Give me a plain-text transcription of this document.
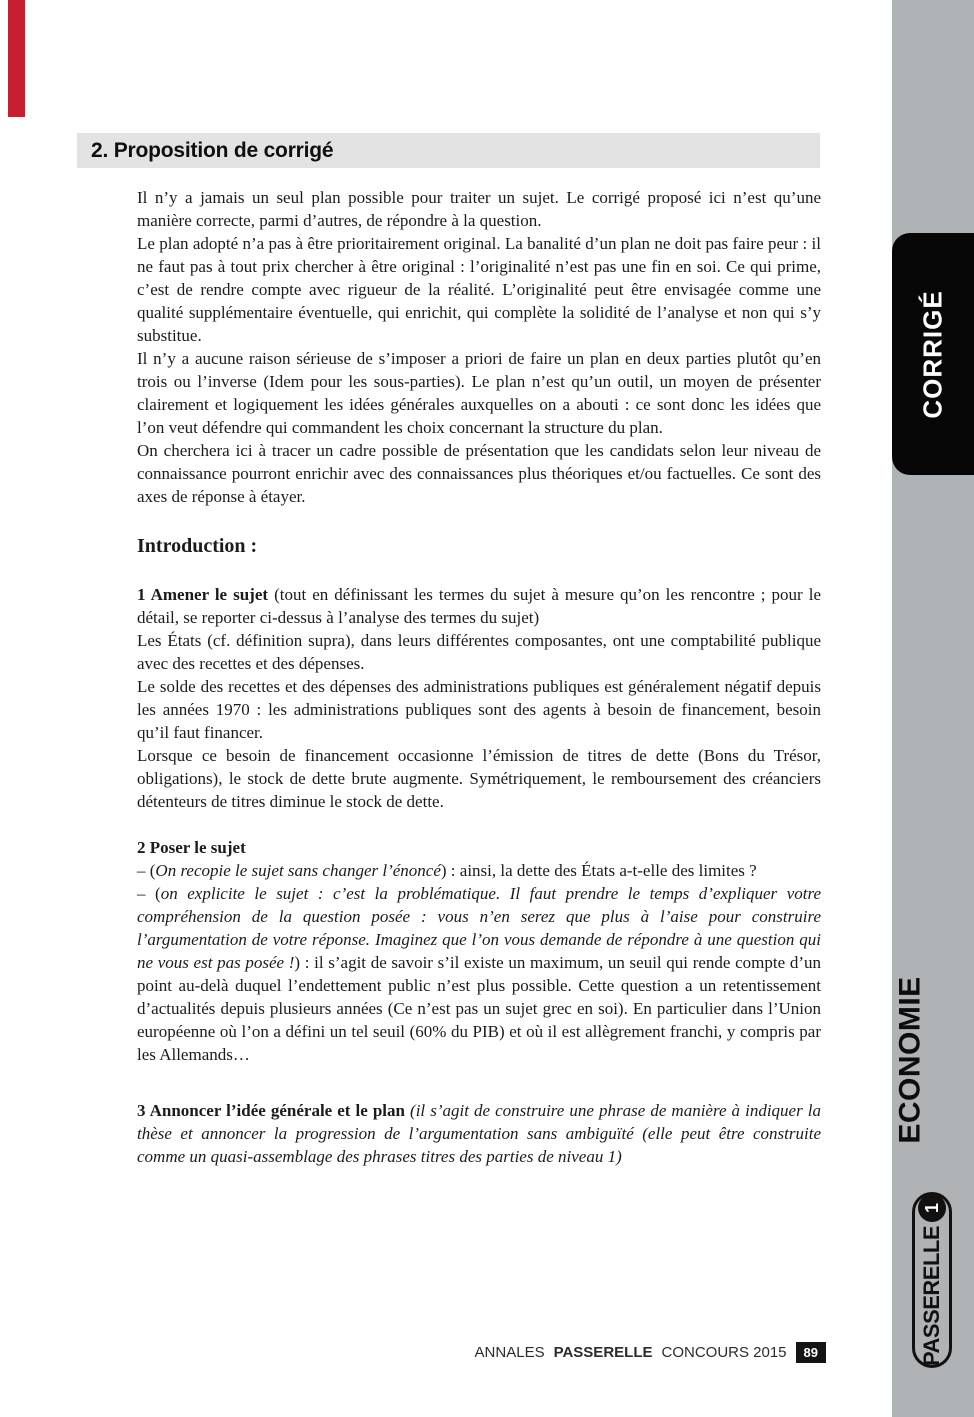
2. Proposition de corrigé

Il n’y a jamais un seul plan possible pour traiter un sujet. Le corrigé proposé ici n’est qu’une manière correcte, parmi d’autres, de répondre à la question.

Le plan adopté n’a pas à être prioritairement original. La banalité d’un plan ne doit pas faire peur : il ne faut pas à tout prix chercher à être original : l’originalité n’est pas une fin en soi. Ce qui prime, c’est de rendre compte avec rigueur de la réalité. L’originalité peut être envisagée comme une qualité supplémentaire éventuelle, qui enrichit, qui complète la solidité de l’analyse et non qui s’y substitue.

Il n’y a aucune raison sérieuse de s’imposer a priori de faire un plan en deux parties plutôt qu’en trois ou l’inverse (Idem pour les sous-parties). Le plan n’est qu’un outil, un moyen de présenter clairement et logiquement les idées générales auxquelles on a abouti : ce sont donc les idées que l’on veut défendre qui commandent les choix concernant la structure du plan.

On cherchera ici à tracer un cadre possible de présentation que les candidats selon leur niveau de connaissance pourront enrichir avec des connaissances plus théoriques et/ou factuelles. Ce sont des axes de réponse à étayer.

Introduction :

1 Amener le sujet (tout en définissant les termes du sujet à mesure qu’on les rencontre ; pour le détail, se reporter ci-dessus à l’analyse des termes du sujet)

Les États (cf. définition supra), dans leurs différentes composantes, ont une comptabilité publique avec des recettes et des dépenses.

Le solde des recettes et des dépenses des administrations publiques est généralement négatif depuis les années 1970 : les administrations publiques sont des agents à besoin de financement, besoin qu’il faut financer.

Lorsque ce besoin de financement occasionne l’émission de titres de dette (Bons du Trésor, obligations), le stock de dette brute augmente. Symétriquement, le remboursement des créanciers détenteurs de titres diminue le stock de dette.

2 Poser le sujet

– (On recopie le sujet sans changer l’énoncé) : ainsi, la dette des États a-t-elle des limites ?

– (on explicite le sujet : c’est la problématique. Il faut prendre le temps d’expliquer votre compréhension de la question posée : vous n’en serez que plus à l’aise pour construire l’argumentation de votre réponse. Imaginez que l’on vous demande de répondre à une question qui ne vous est pas posée !) : il s’agit de savoir s’il existe un maximum, un seuil qui rende compte d’un point au-delà duquel l’endettement public n’est plus possible. Cette question a un retentissement d’actualités depuis plusieurs années (Ce n’est pas un sujet grec en soi). En particulier dans l’Union européenne où l’on a défini un tel seuil (60% du PIB) et où il est allègrement franchi, y compris par les Allemands…

3 Annoncer l’idée générale et le plan (il s’agit de construire une phrase de manière à indiquer la thèse et annoncer la progression de l’argumentation sans ambiguïté (elle peut être construite comme un quasi-assemblage des phrases titres des parties de niveau 1)

CORRIGÉ
ECONOMIE
PASSERELLE
1
ANNALES PASSERELLE CONCOURS 2015	89
